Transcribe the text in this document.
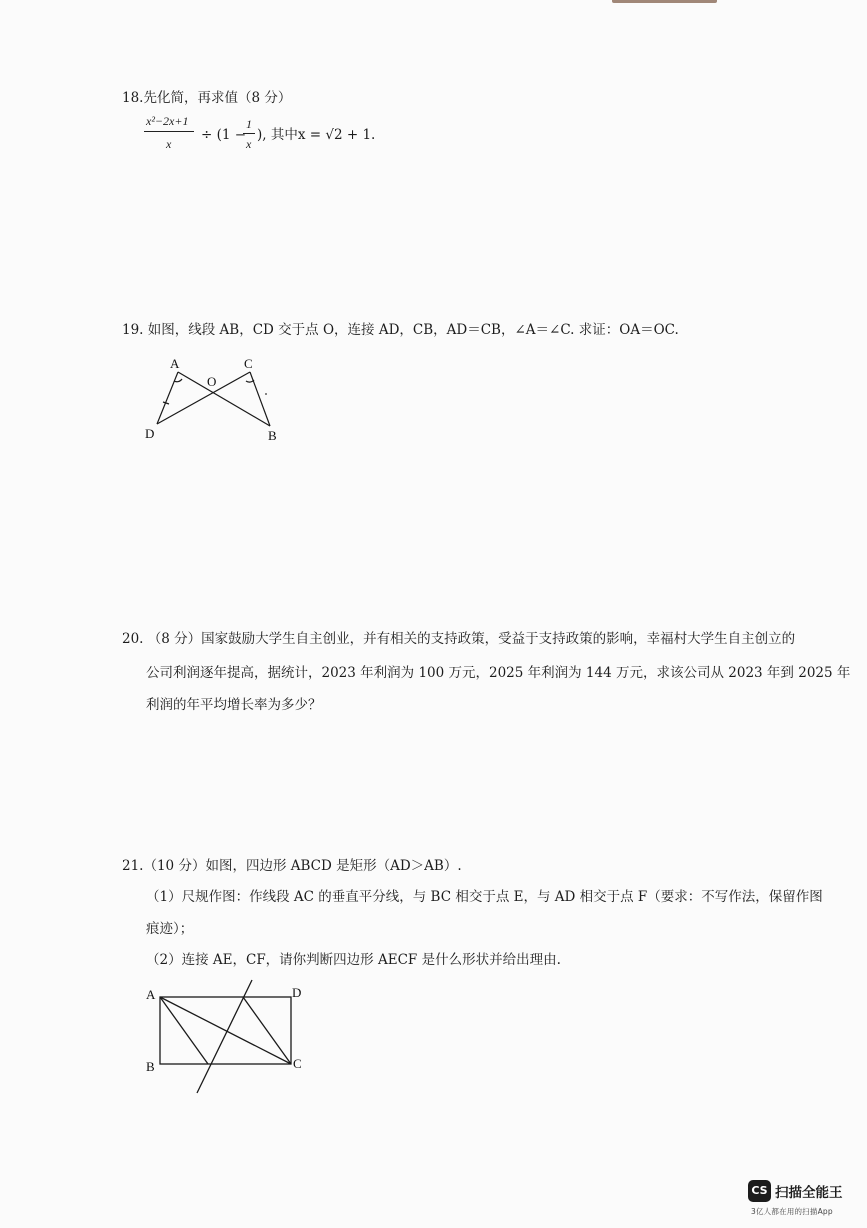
18.先化简，再求值（8 分）
x²−2x+1
x
÷ (1 −
1
x
), 其中x = √2 + 1.
19. 如图，线段 AB，CD 交于点 O，连接 AD，CB，AD＝CB，∠A＝∠C. 求证：OA＝OC.
A	C
O
D	B
20. （8 分）国家鼓励大学生自主创业，并有相关的支持政策，受益于支持政策的影响，幸福村大学生自主创立的
公司利润逐年提高，据统计，2023 年利润为 100 万元，2025 年利润为 144 万元，求该公司从 2023 年到 2025 年
利润的年平均增长率为多少？
21.（10 分）如图，四边形 ABCD 是矩形（AD＞AB）.
（1）尺规作图：作线段 AC 的垂直平分线，与 BC 相交于点 E，与 AD 相交于点 F（要求：不写作法，保留作图
痕迹）；
（2）连接 AE，CF，请你判断四边形 AECF 是什么形状并给出理由.
A	D
B	C
CS 扫描全能王
3亿人都在用的扫描App
